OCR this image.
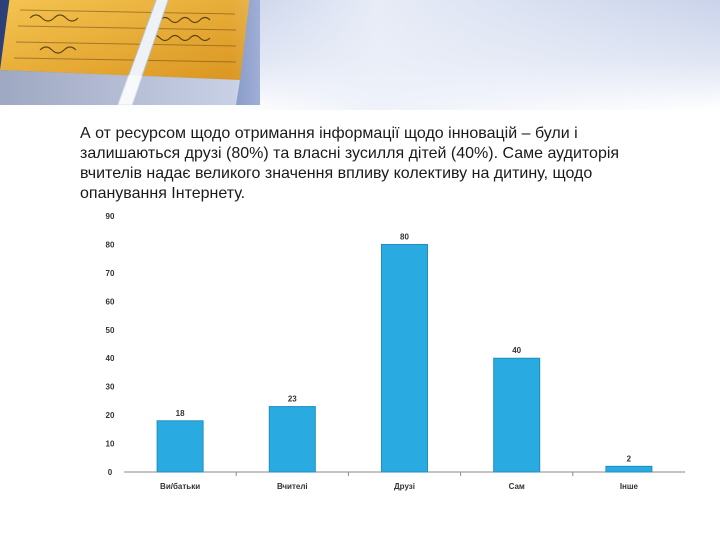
А от ресурсом щодо отримання інформації щодо інновацій – були і залишаються друзі (80%) та власні зусилля дітей (40%). Саме аудиторія вчителів надає великого значення впливу колективу на дитину, щодо опанування Інтернету.

0
10
20
30
40
50
60
70
80
90
18
23
80
40
2
Ви/батьки	Вчителі	Друзі	Сам	Інше
